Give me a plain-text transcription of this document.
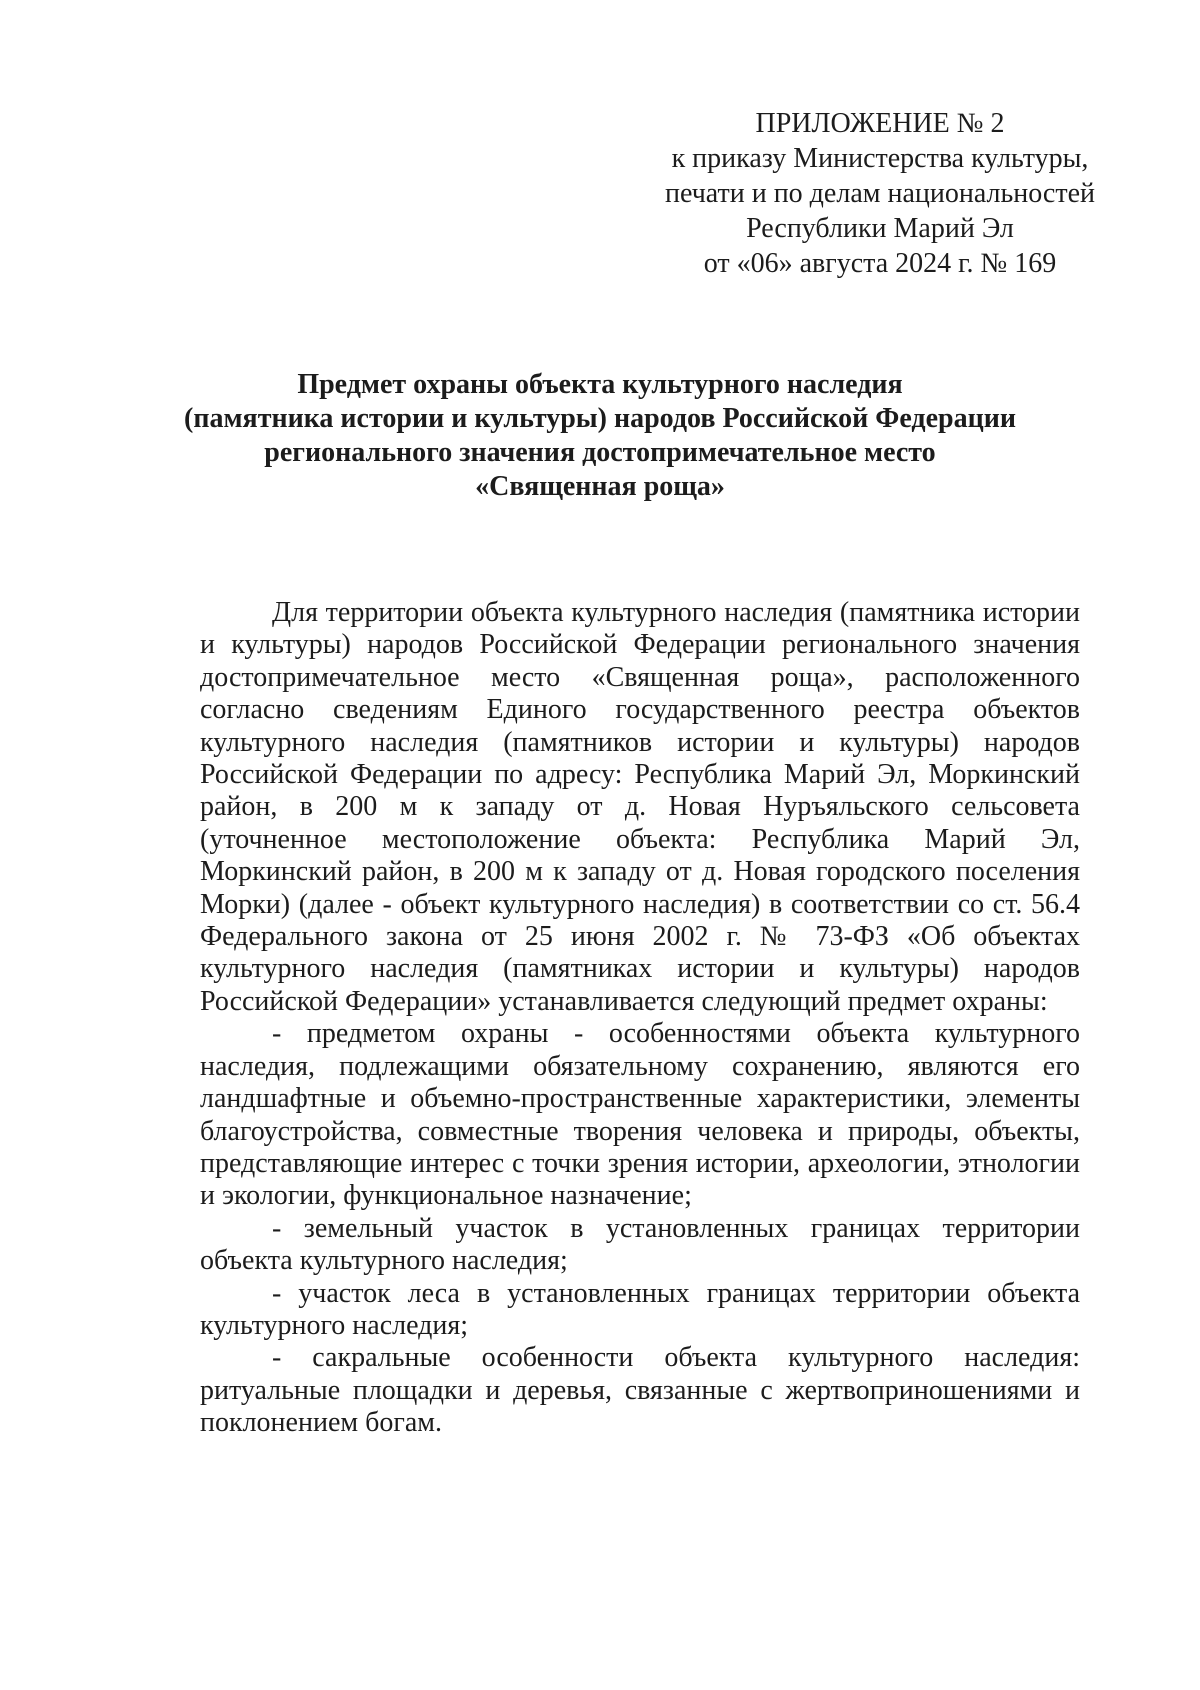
ПРИЛОЖЕНИЕ № 2
к приказу Министерства культуры,
печати и по делам национальностей
Республики Марий Эл
от «06» августа 2024 г. № 169
Предмет охраны объекта культурного наследия
(памятника истории и культуры) народов Российской Федерации
регионального значения достопримечательное место
«Священная роща»

Для территории объекта культурного наследия (памятника истории и культуры) народов Российской Федерации регионального значения достопримечательное место «Священная роща», расположенного согласно сведениям Единого государственного реестра объектов культурного наследия (памятников истории и культуры) народов Российской Федерации по адресу: Республика Марий Эл, Моркинский район, в 200 м к западу от д. Новая Нуръяльского сельсовета (уточненное местоположение объекта: Республика Марий Эл, Моркинский район, в 200 м к западу от д. Новая городского поселения Морки) (далее - объект культурного наследия) в соответствии со ст. 56.4 Федерального закона от 25 июня 2002 г. № 73-ФЗ «Об объектах культурного наследия (памятниках истории и культуры) народов Российской Федерации» устанавливается следующий предмет охраны:

- предметом охраны - особенностями объекта культурного наследия, подлежащими обязательному сохранению, являются его ландшафтные и объемно-пространственные характеристики, элементы благоустройства, совместные творения человека и природы, объекты, представляющие интерес с точки зрения истории, археологии, этнологии и экологии, функциональное назначение;

- земельный участок в установленных границах территории объекта культурного наследия;

- участок леса в установленных границах территории объекта культурного наследия;

- сакральные особенности объекта культурного наследия: ритуальные площадки и деревья, связанные с жертвоприношениями и поклонением богам.
